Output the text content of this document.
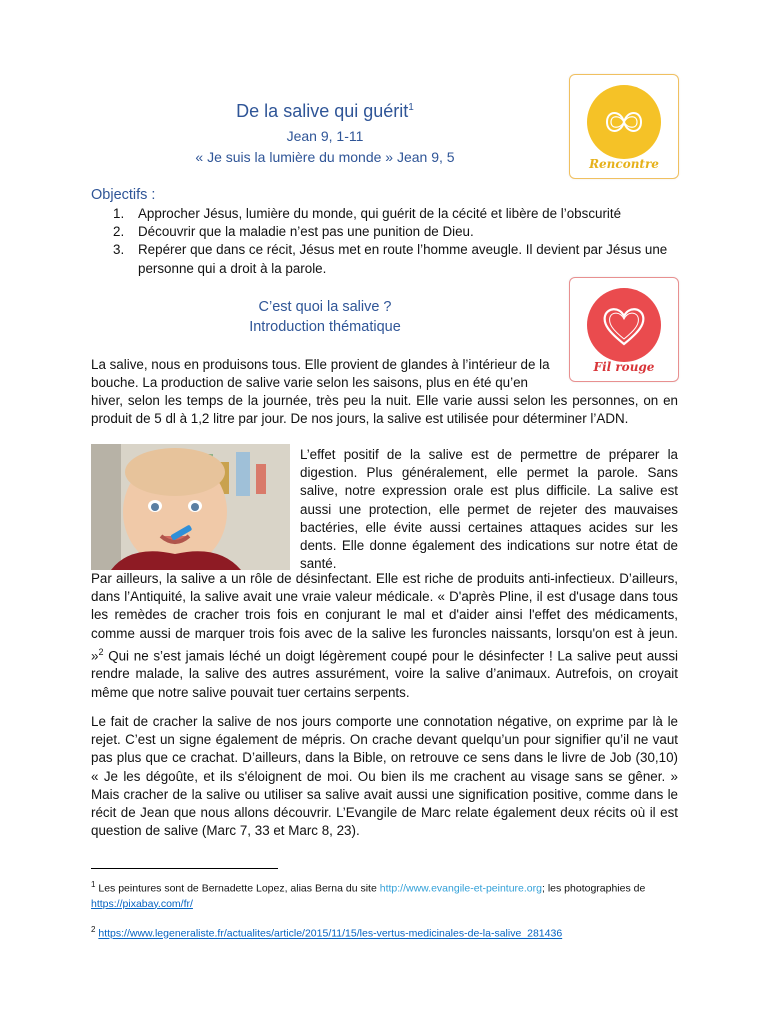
De la salive qui guérit$^1$
Jean 9, 1-11
« Je suis la lumière du monde » Jean 9, 5	Rencontre
Objectifs :
1. Approcher Jésus, lumière du monde, qui guérit de la cécité et libère de l’obscurité
2. Découvrir que la maladie n’est pas une punition de Dieu.
3. Repérer que dans ce récit, Jésus met en route l’homme aveugle. Il devient par Jésus une personne qui a droit à la parole.
C’est quoi la salive ?
Introduction thématique
Fil rouge

La salive, nous en produisons tous. Elle provient de glandes à l’intérieur de la bouche. La production de salive varie selon les saisons, plus en été qu’en

hiver, selon les temps de la journée, très peu la nuit. Elle varie aussi selon les personnes, on en produit de 5 dl à 1,2 litre par jour. De nos jours, la salive est utilisée pour déterminer l’ADN.

L’effet positif de la salive est de permettre de préparer la digestion. Plus généralement, elle permet la parole. Sans salive, notre expression orale est plus difficile. La salive est aussi une protection, elle permet de rejeter des mauvaises bactéries, elle évite aussi certaines attaques acides sur les dents. Elle donne également des indications sur notre état de santé.

Par ailleurs, la salive a un rôle de désinfectant. Elle est riche de produits anti-infectieux. D’ailleurs, dans l’Antiquité, la salive avait une vraie valeur médicale. « D'après Pline, il est d'usage dans tous les remèdes de cracher trois fois en conjurant le mal et d'aider ainsi l'effet des médicaments, comme aussi de marquer trois fois avec de la salive les furoncles naissants, lorsqu'on est à jeun. »$^2$ Qui ne s’est jamais léché un doigt légèrement coupé pour le désinfecter ! La salive peut aussi rendre malade, la salive des autres assurément, voire la salive d’animaux. Autrefois, on croyait même que notre salive pouvait tuer certains serpents.

Le fait de cracher la salive de nos jours comporte une connotation négative, on exprime par là le rejet. C’est un signe également de mépris. On crache devant quelqu’un pour signifier qu’il ne vaut pas plus que ce crachat. D’ailleurs, dans la Bible, on retrouve ce sens dans le livre de Job (30,10) « Je les dégoûte, et ils s'éloignent de moi. Ou bien ils me crachent au visage sans se gêner. » Mais cracher de la salive ou utiliser sa salive avait aussi une signification positive, comme dans le récit de Jean que nous allons découvrir. L’Evangile de Marc relate également deux récits où il est question de salive (Marc 7, 33 et Marc 8, 23).

$^1$ Les peintures sont de Bernadette Lopez, alias Berna du site http://www.evangile-et-peinture.org; les photographies de
https://pixabay.com/fr/
$^2$ https://www.legeneraliste.fr/actualites/article/2015/11/15/les-vertus-medicinales-de-la-salive_281436
